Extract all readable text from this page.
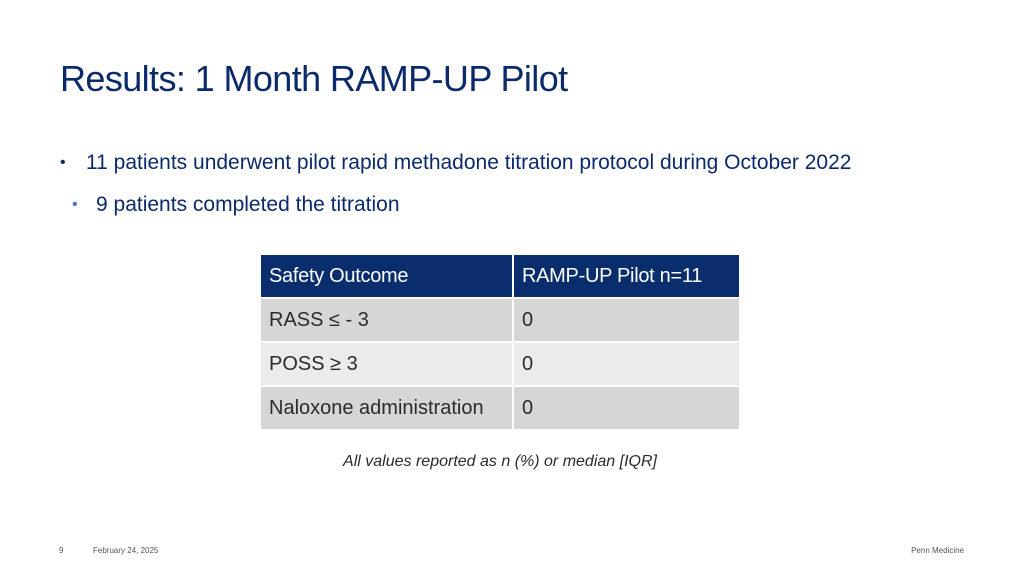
Results: 1 Month RAMP-UP Pilot
• 11 patients underwent pilot rapid methadone titration protocol during October 2022
• 9 patients completed the titration
Safety Outcome	RAMP-UP Pilot n=11
RASS ≤ - 3	0
POSS ≥ 3	0
Naloxone administration	0
All values reported as n (%) or median [IQR]
9	February 24, 2025	Penn Medicine
